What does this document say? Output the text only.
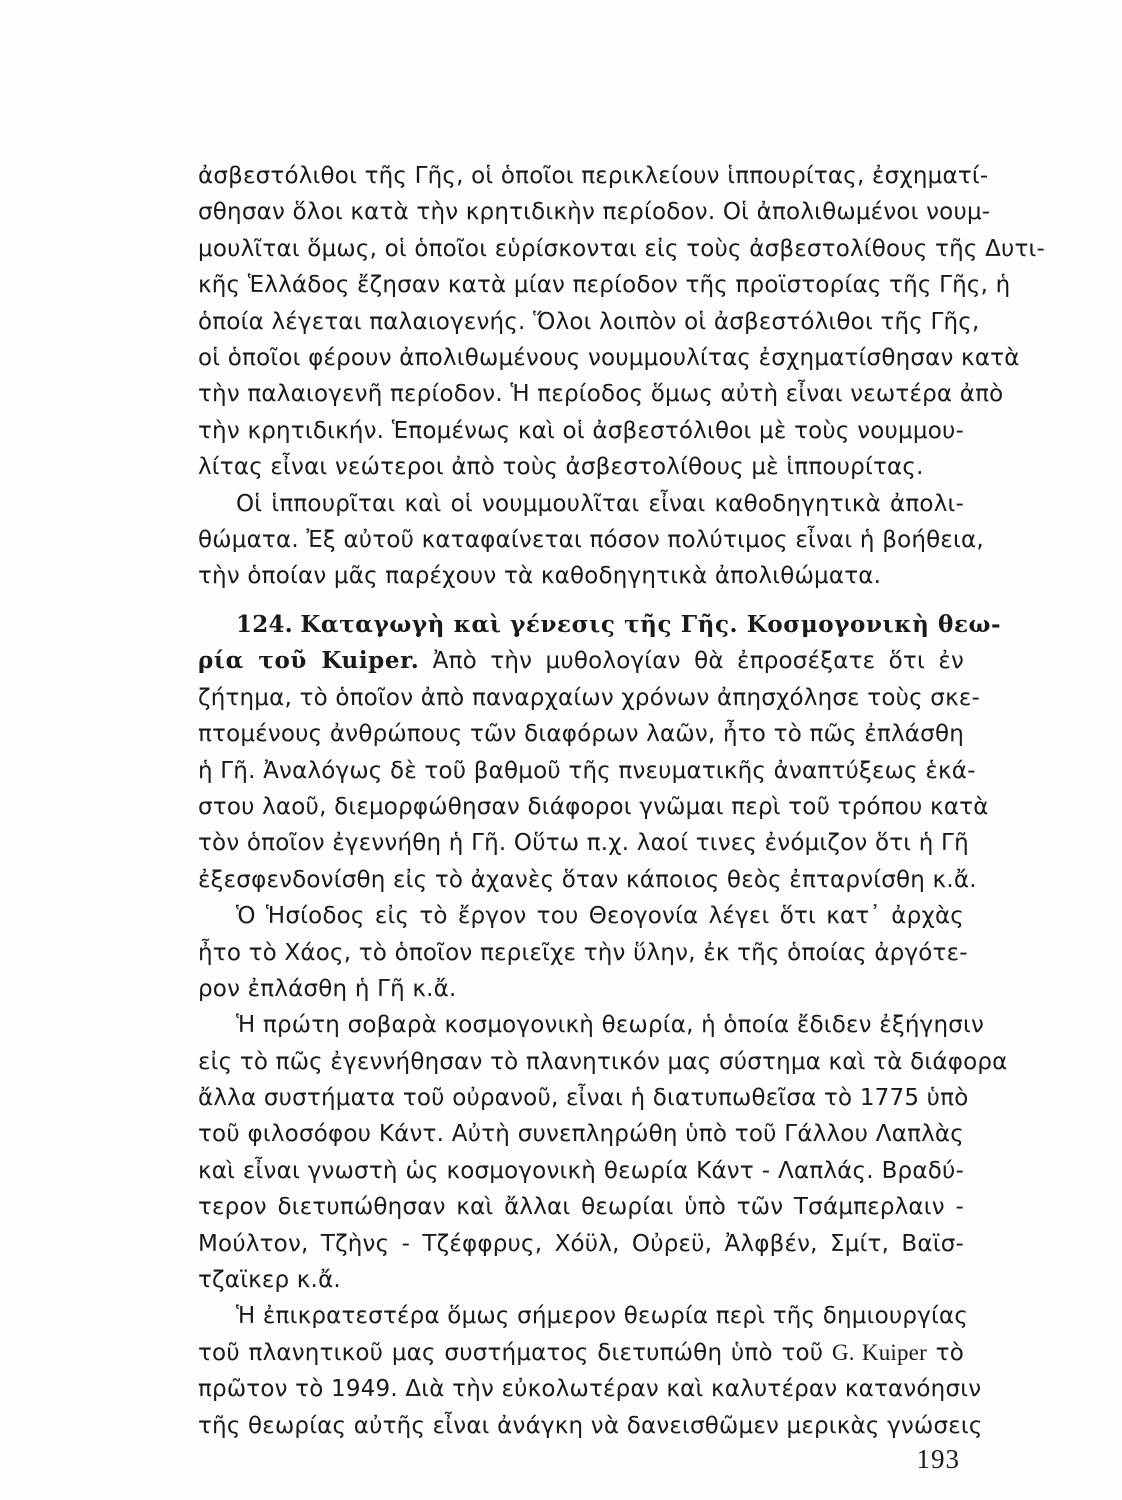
ἀσβεστόλιθοι τῆς Γῆς, οἱ ὁποῖοι περικλείουν ἱππουρίτας, ἐσχηματί-
σθησαν ὅλοι κατὰ τὴν κρητιδικὴν περίοδον. Οἱ ἀπολιθωμένοι νουμ-
μουλῖται ὅμως, οἱ ὁποῖοι εὑρίσκονται εἰς τοὺς ἀσβεστολίθους τῆς Δυτι-
κῆς Ἑλλάδος ἔζησαν κατὰ μίαν περίοδον τῆς προϊστορίας τῆς Γῆς, ἡ
ὁποία λέγεται παλαιογενής. Ὅλοι λοιπὸν οἱ ἀσβεστόλιθοι τῆς Γῆς,
οἱ ὁποῖοι φέρουν ἀπολιθωμένους νουμμουλίτας ἐσχηματίσθησαν κατὰ
τὴν παλαιογενῆ περίοδον. Ἡ περίοδος ὅμως αὐτὴ εἶναι νεωτέρα ἀπὸ
τὴν κρητιδικήν. Ἑπομένως καὶ οἱ ἀσβεστόλιθοι μὲ τοὺς νουμμου-
λίτας εἶναι νεώτεροι ἀπὸ τοὺς ἀσβεστολίθους μὲ ἱππουρίτας.
Οἱ ἱππουρῖται καὶ οἱ νουμμουλῖται εἶναι καθοδηγητικὰ ἀπολι-
θώματα. Ἐξ αὐτοῦ καταφαίνεται πόσον πολύτιμος εἶναι ἡ βοήθεια,
τὴν ὁποίαν μᾶς παρέχουν τὰ καθοδηγητικὰ ἀπολιθώματα.
124. Καταγωγὴ καὶ γένεσις τῆς Γῆς. Κοσμογονικὴ θεω-
ρία τοῦ Kuiper. Ἀπὸ τὴν μυθολογίαν θὰ ἐπροσέξατε ὅτι ἐν
ζήτημα, τὸ ὁποῖον ἀπὸ παναρχαίων χρόνων ἀπησχόλησε τοὺς σκε-
πτομένους ἀνθρώπους τῶν διαφόρων λαῶν, ἦτο τὸ πῶς ἐπλάσθη
ἡ Γῆ. Ἀναλόγως δὲ τοῦ βαθμοῦ τῆς πνευματικῆς ἀναπτύξεως ἑκά-
στου λαοῦ, διεμορφώθησαν διάφοροι γνῶμαι περὶ τοῦ τρόπου κατὰ
τὸν ὁποῖον ἐγεννήθη ἡ Γῆ. Οὕτω π.χ. λαοί τινες ἐνόμιζον ὅτι ἡ Γῆ
ἐξεσφενδονίσθη εἰς τὸ ἀχανὲς ὅταν κάποιος θεὸς ἐπταρνίσθη κ.ἄ.
Ὁ Ἡσίοδος εἰς τὸ ἔργον του Θεογονία λέγει ὅτι κατ᾽ ἀρχὰς
ἦτο τὸ Χάος, τὸ ὁποῖον περιεῖχε τὴν ὕλην, ἐκ τῆς ὁποίας ἀργότε-
ρον ἐπλάσθη ἡ Γῆ κ.ἄ.
Ἡ πρώτη σοβαρὰ κοσμογονικὴ θεωρία, ἡ ὁποία ἔδιδεν ἐξήγησιν
εἰς τὸ πῶς ἐγεννήθησαν τὸ πλανητικόν μας σύστημα καὶ τὰ διάφορα
ἄλλα συστήματα τοῦ οὐρανοῦ, εἶναι ἡ διατυπωθεῖσα τὸ 1775 ὑπὸ
τοῦ φιλοσόφου Κάντ. Αὐτὴ συνεπληρώθη ὑπὸ τοῦ Γάλλου Λαπλὰς
καὶ εἶναι γνωστὴ ὡς κοσμογονικὴ θεωρία Κάντ - Λαπλάς. Βραδύ-
τερον διετυπώθησαν καὶ ἄλλαι θεωρίαι ὑπὸ τῶν Τσάμπερλαιν -
Μούλτον, Τζὴνς - Τζέφφρυς, Χόϋλ, Οὐρεϋ, Ἀλφβέν, Σμίτ, Βαϊσ-
τζαϊκερ κ.ἄ.
Ἡ ἐπικρατεστέρα ὅμως σήμερον θεωρία περὶ τῆς δημιουργίας
τοῦ πλανητικοῦ μας συστήματος διετυπώθη ὑπὸ τοῦ G. Kuiper τὸ
πρῶτον τὸ 1949. Διὰ τὴν εὐκολωτέραν καὶ καλυτέραν κατανόησιν
τῆς θεωρίας αὐτῆς εἶναι ἀνάγκη νὰ δανεισθῶμεν μερικὰς γνώσεις
193
